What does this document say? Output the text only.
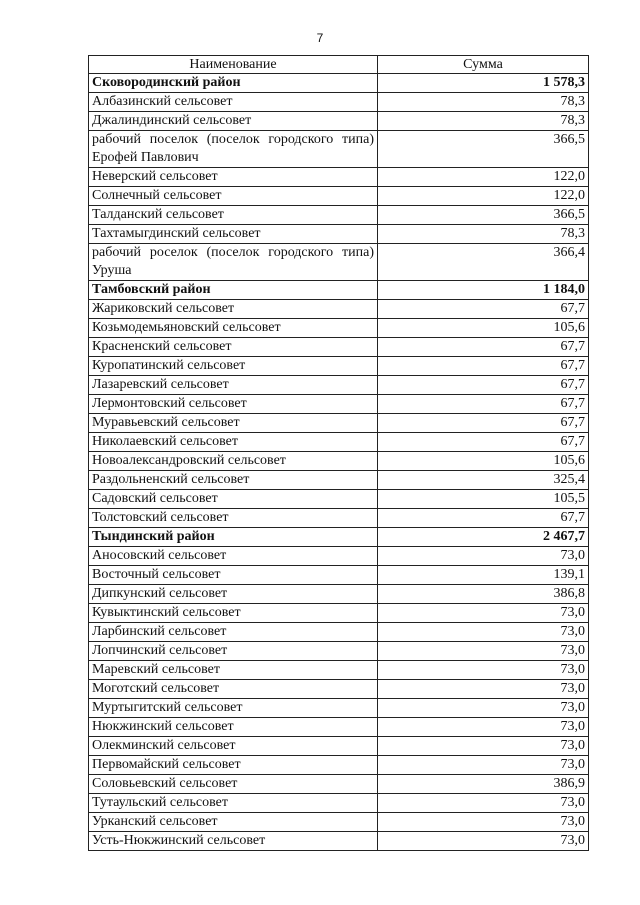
7
Наименование	Сумма
Сковородинский район	1 578,3
Албазинский сельсовет	78,3
Джалиндинский сельсовет	78,3
рабочий поселок (поселок городского типа) Ерофей Павлович	366,5
Неверский сельсовет	122,0
Солнечный сельсовет	122,0
Талданский сельсовет	366,5
Тахтамыгдинский сельсовет	78,3
рабочий роселок (поселок городского типа) Уруша	366,4
Тамбовский район	1 184,0
Жариковский сельсовет	67,7
Козьмодемьяновский сельсовет	105,6
Красненский сельсовет	67,7
Куропатинский сельсовет	67,7
Лазаревский сельсовет	67,7
Лермонтовский сельсовет	67,7
Муравьевский сельсовет	67,7
Николаевский сельсовет	67,7
Новоалександровский сельсовет	105,6
Раздольненский сельсовет	325,4
Садовский сельсовет	105,5
Толстовский сельсовет	67,7
Тындинский район	2 467,7
Аносовский сельсовет	73,0
Восточный сельсовет	139,1
Дипкунский сельсовет	386,8
Кувыктинский сельсовет	73,0
Ларбинский сельсовет	73,0
Лопчинский сельсовет	73,0
Маревский сельсовет	73,0
Моготский сельсовет	73,0
Муртыгитский сельсовет	73,0
Нюкжинский сельсовет	73,0
Олекминский сельсовет	73,0
Первомайский сельсовет	73,0
Соловьевский сельсовет	386,9
Тутаульский сельсовет	73,0
Урканский сельсовет	73,0
Усть-Нюкжинский сельсовет	73,0
